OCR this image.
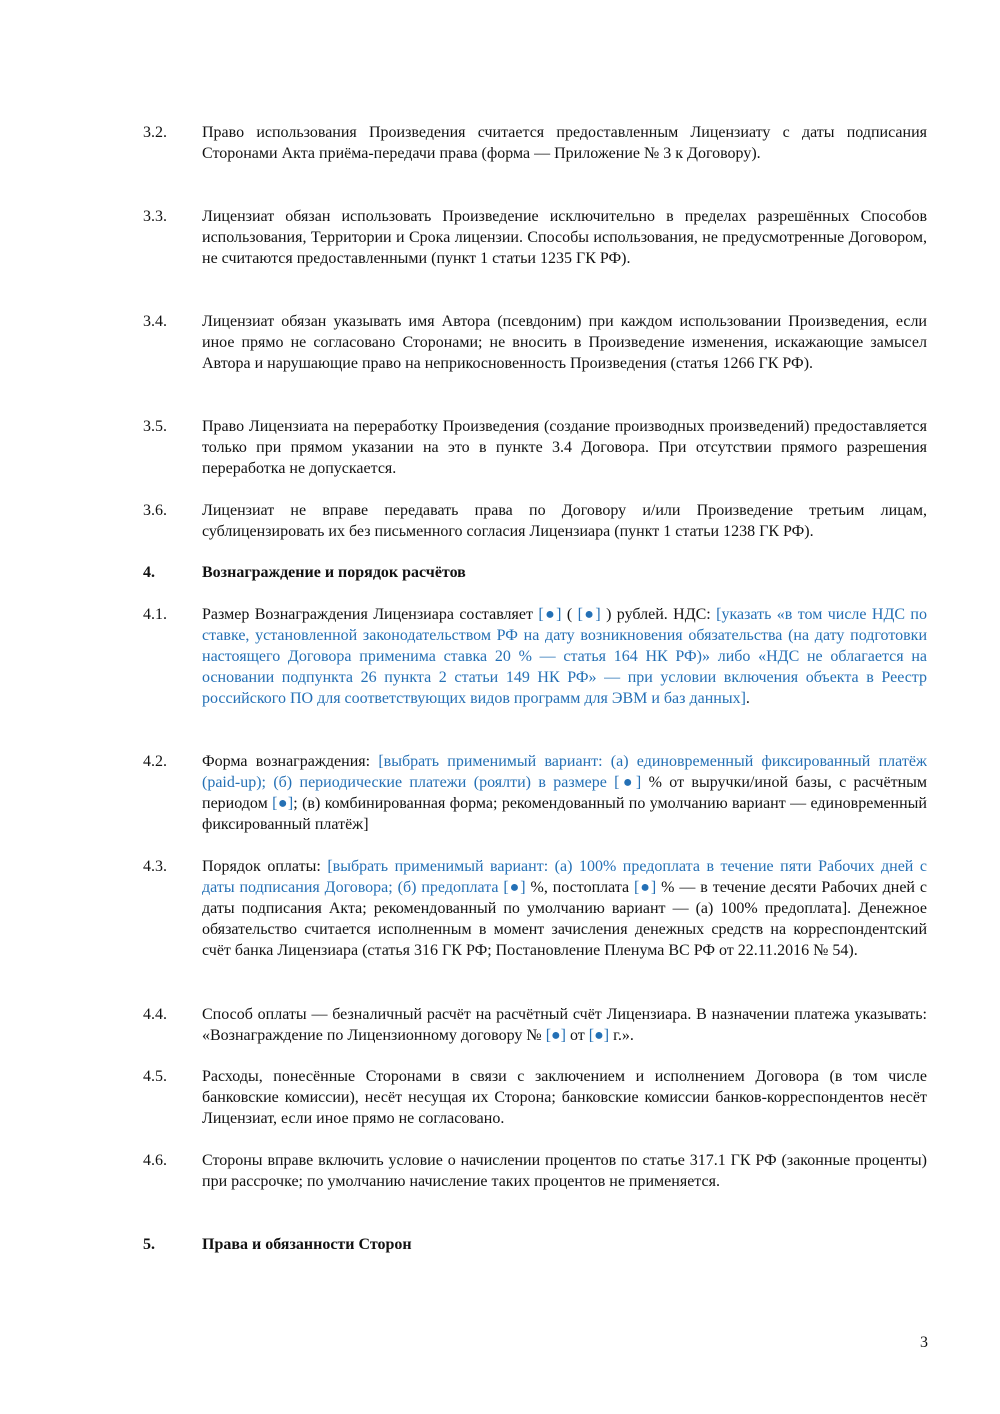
3.2. Право использования Произведения считается предоставленным Лицензиату с даты подписания Сторонами Акта приёма-передачи права (форма — Приложение № 3 к Договору).
3.3. Лицензиат обязан использовать Произведение исключительно в пределах разрешённых Способов использования, Территории и Срока лицензии. Способы использования, не предусмотренные Договором, не считаются предоставленными (пункт 1 статьи 1235 ГК РФ).
3.4. Лицензиат обязан указывать имя Автора (псевдоним) при каждом использовании Произведения, если иное прямо не согласовано Сторонами; не вносить в Произведение изменения, искажающие замысел Автора и нарушающие право на неприкосновенность Произведения (статья 1266 ГК РФ).
3.5. Право Лицензиата на переработку Произведения (создание производных произведений) предоставляется только при прямом указании на это в пункте 3.4 Договора. При отсутствии прямого разрешения переработка не допускается.
3.6. Лицензиат не вправе передавать права по Договору и/или Произведение третьим лицам, сублицензировать их без письменного согласия Лицензиара (пункт 1 статьи 1238 ГК РФ).
4.	Вознаграждение и порядок расчётов
4.1. Размер Вознаграждения Лицензиара составляет [●] ( [●] ) рублей. НДС: [указать «в том числе НДС по ставке, установленной законодательством РФ на дату возникновения обязательства (на дату подготовки настоящего Договора применима ставка 20 % — статья 164 НК РФ)» либо «НДС не облагается на основании подпункта 26 пункта 2 статьи 149 НК РФ» — при условии включения объекта в Реестр российского ПО для соответствующих видов программ для ЭВМ и баз данных].
4.2. Форма вознаграждения: [выбрать применимый вариант: (а) единовременный фиксированный платёж (paid-up); (б) периодические платежи (роялти) в размере [●] % от выручки/иной базы, с расчётным периодом [●]; (в) комбинированная форма; рекомендованный по умолчанию вариант — единовременный фиксированный платёж]
4.3. Порядок оплаты: [выбрать применимый вариант: (а) 100% предоплата в течение пяти Рабочих дней с даты подписания Договора; (б) предоплата [●] %, постоплата [●] % — в течение десяти Рабочих дней с даты подписания Акта; рекомендованный по умолчанию вариант — (а) 100% предоплата]. Денежное обязательство считается исполненным в момент зачисления денежных средств на корреспондентский счёт банка Лицензиара (статья 316 ГК РФ; Постановление Пленума ВС РФ от 22.11.2016 № 54).
4.4. Способ оплаты — безналичный расчёт на расчётный счёт Лицензиара. В назначении платежа указывать: «Вознаграждение по Лицензионному договору № [●] от [●] г.».
4.5. Расходы, понесённые Сторонами в связи с заключением и исполнением Договора (в том числе банковские комиссии), несёт несущая их Сторона; банковские комиссии банков-корреспондентов несёт Лицензиат, если иное прямо не согласовано.
4.6. Стороны вправе включить условие о начислении процентов по статье 317.1 ГК РФ (законные проценты) при рассрочке; по умолчанию начисление таких процентов не применяется.
5.	Права и обязанности Сторон
3
